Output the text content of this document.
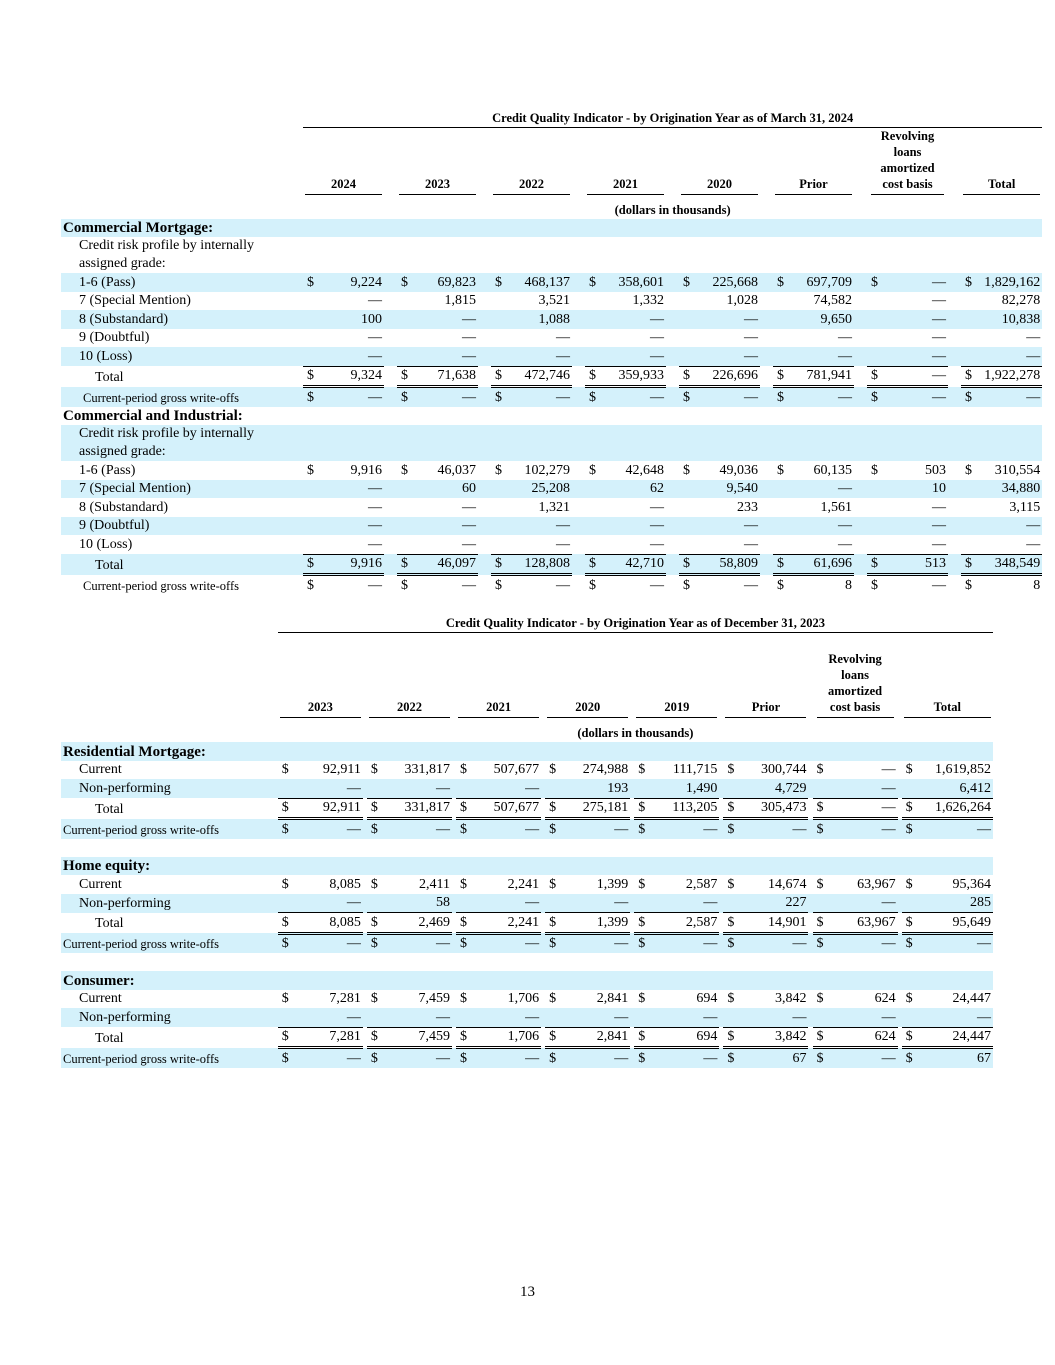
	Credit Quality Indicator - by Origination Year as of March 31, 2024																						

	2024			2023			2022			2021			2020			Prior			Revolving loans amortized cost basis			Total	

	(dollars in thousands)																						
Commercial Mortgage:																							
Credit risk profile by internally assigned grade:																							
1-6 (Pass)	$	9,224		$	69,823		$	468,137		$	358,601		$	225,668		$	697,709		$	—		$	1,829,162
7 (Special Mention)		—			1,815			3,521			1,332			1,028			74,582			—			82,278
8 (Substandard)		100			—			1,088			—			—			9,650			—			10,838
9 (Doubtful)		—			—			—			—			—			—			—			—
10 (Loss)		—			—			—			—			—			—			—			—
Total	$	9,324		$	71,638		$	472,746		$	359,933		$	226,696		$	781,941		$	—		$	1,922,278
Current-period gross write-offs	$	—		$	—		$	—		$	—		$	—		$	—		$	—		$	—
Commercial and Industrial:																							
Credit risk profile by internally assigned grade:																							
1-6 (Pass)	$	9,916		$	46,037		$	102,279		$	42,648		$	49,036		$	60,135		$	503		$	310,554
7 (Special Mention)		—			60			25,208			62			9,540			—			10			34,880
8 (Substandard)		—			—			1,321			—			233			1,561			—			3,115
9 (Doubtful)		—			—			—			—			—			—			—			—
10 (Loss)		—			—			—			—			—			—			—			—
Total	$	9,916		$	46,097		$	128,808		$	42,710		$	58,809		$	61,696		$	513		$	348,549
Current-period gross write-offs	$	—		$	—		$	—		$	—		$	—		$	8		$	—		$	8
	Credit Quality Indicator - by Origination Year as of December 31, 2023																						

	2023			2022			2021			2020			2019			Prior			Revolving loans amortized cost basis			Total	

	(dollars in thousands)																						
Residential Mortgage:																							
Current	$	92,911		$	331,817		$	507,677		$	274,988		$	111,715		$	300,744		$	—		$	1,619,852
Non-performing		—			—			—			193			1,490			4,729			—			6,412
Total	$	92,911		$	331,817		$	507,677		$	275,181		$	113,205		$	305,473		$	—		$	1,626,264
Current-period gross write-offs	$	—		$	—		$	—		$	—		$	—		$	—		$	—		$	—

Home equity:																							
Current	$	8,085		$	2,411		$	2,241		$	1,399		$	2,587		$	14,674		$	63,967		$	95,364
Non-performing		—			58			—			—			—			227			—			285
Total	$	8,085		$	2,469		$	2,241		$	1,399		$	2,587		$	14,901		$	63,967		$	95,649
Current-period gross write-offs	$	—		$	—		$	—		$	—		$	—		$	—		$	—		$	—

Consumer:																							
Current	$	7,281		$	7,459		$	1,706		$	2,841		$	694		$	3,842		$	624		$	24,447
Non-performing		—			—			—			—			—			—			—			—
Total	$	7,281		$	7,459		$	1,706		$	2,841		$	694		$	3,842		$	624		$	24,447
Current-period gross write-offs	$	—		$	—		$	—		$	—		$	—		$	67		$	—		$	67
13
